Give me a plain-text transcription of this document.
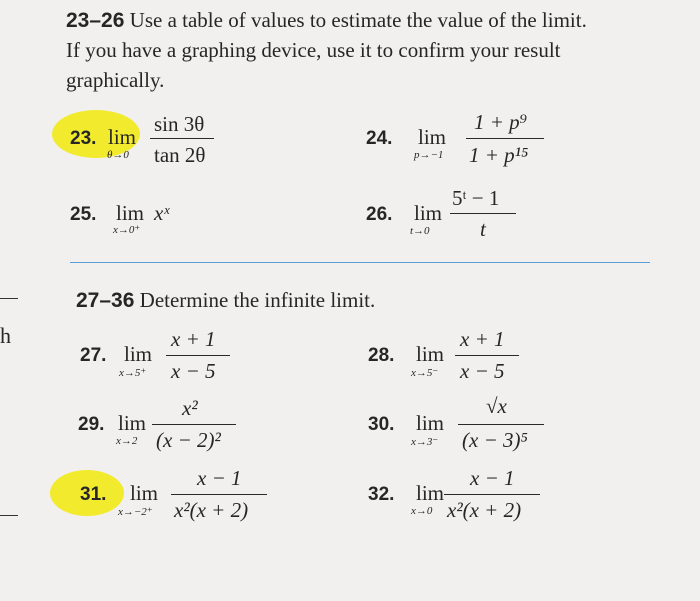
h
23–26 Use a table of values to estimate the value of the limit.
If you have a graphing device, use it to confirm your result
graphically.
23. lim
θ→0
sin 3θ
tan 2θ
24. lim
p→−1
1 + p⁹
1 + p¹⁵
25. lim
x→0⁺
xˣ	26. lim
t→0
5ᵗ − 1
t
27–36 Determine the infinite limit.
27. lim
x→5⁺
x + 1
x − 5
28. lim
x→5⁻
x + 1
x − 5
29. lim
x→2
x²
(x − 2)²
30. lim
x→3⁻
√x
(x − 3)⁵
31. lim
x→−2⁺
x − 1
x²(x + 2)
32. lim
x→0
x − 1
x²(x + 2)
